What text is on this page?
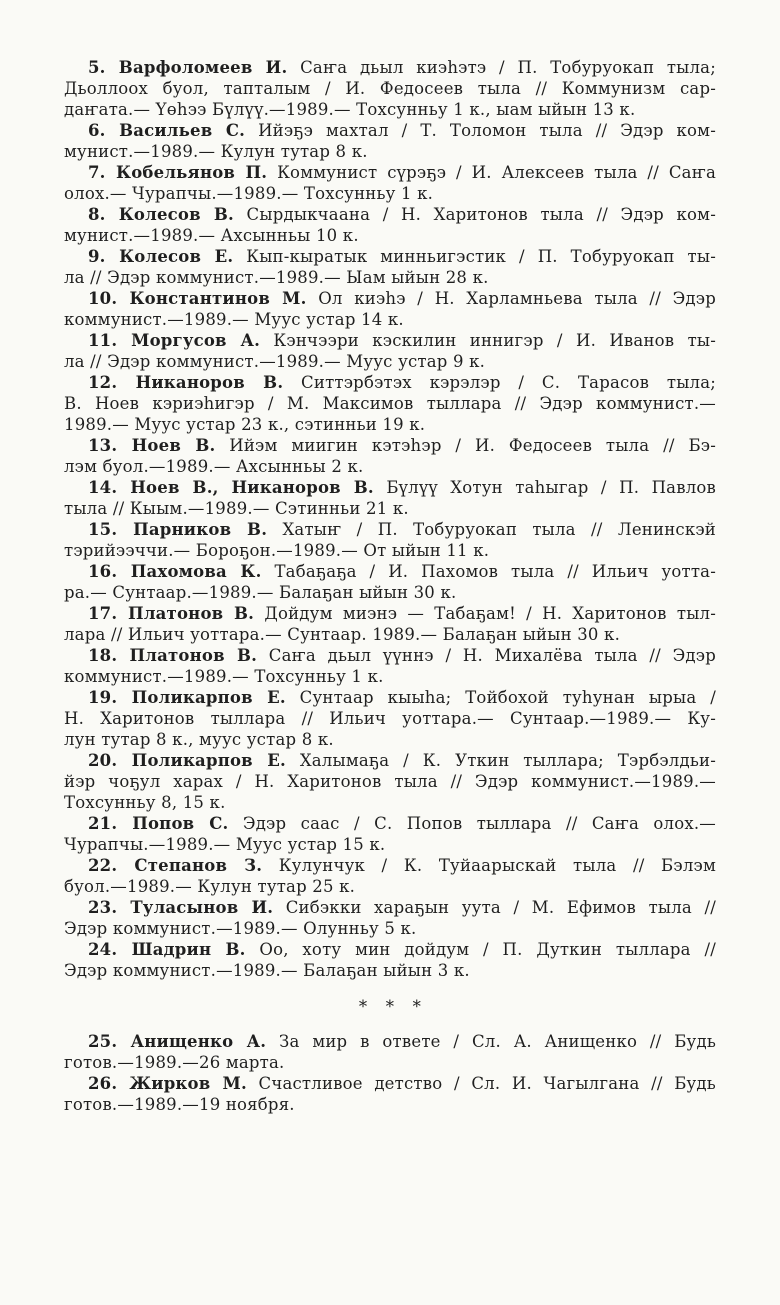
5. Варфоломеев И. Саҥа дьыл киэһэтэ / П. Тобуруокап тыла;
Дьоллоох буол, тапталым / И. Федосеев тыла // Коммунизм сар-
даҥата.— Үөһээ Бүлүү.—1989.— Тохсунньу 1 к., ыам ыйын 13 к.

6. Васильев С. Ийэҕэ махтал / Т. Толомон тыла // Эдэр ком-
мунист.—1989.— Кулун тутар 8 к.

7. Кобельянов П. Коммунист сүрэҕэ / И. Алексеев тыла // Саҥа
олох.— Чурапчы.—1989.— Тохсунньу 1 к.

8. Колесов В. Сырдыкчаана / Н. Харитонов тыла // Эдэр ком-
мунист.—1989.— Ахсынньы 10 к.

9. Колесов Е. Кып-кыратык минньигэстик / П. Тобуруокап ты-
ла // Эдэр коммунист.—1989.— Ыам ыйын 28 к.

10. Константинов М. Ол киэһэ / Н. Харламньева тыла // Эдэр
коммунист.—1989.— Муус устар 14 к.

11. Моргусов А. Кэнчээри кэскилин иннигэр / И. Иванов ты-
ла // Эдэр коммунист.—1989.— Муус устар 9 к.

12. Никаноров В. Ситтэрбэтэх кэрэлэр / С. Тарасов тыла;
В. Ноев кэриэһигэр / М. Максимов тыллара // Эдэр коммунист.—
1989.— Муус устар 23 к., сэтинньи 19 к.

13. Ноев В. Ийэм миигин кэтэһэр / И. Федосеев тыла // Бэ-
лэм буол.—1989.— Ахсынньы 2 к.

14. Ноев В., Никаноров В. Бүлүү Хотун таһыгар / П. Павлов
тыла // Кыым.—1989.— Сэтинньи 21 к.

15. Парников В. Хатыҥ / П. Тобуруокап тыла // Ленинскэй
тэрийээччи.— Бороҕон.—1989.— От ыйын 11 к.

16. Пахомова К. Табаҕаҕа / И. Пахомов тыла // Ильич уотта-
ра.— Сунтаар.—1989.— Балаҕан ыйын 30 к.

17. Платонов В. Дойдум миэнэ — Табаҕам! / Н. Харитонов тыл-
лара // Ильич уоттара.— Сунтаар. 1989.— Балаҕан ыйын 30 к.

18. Платонов В. Саҥа дьыл үүннэ / Н. Михалёва тыла // Эдэр
коммунист.—1989.— Тохсунньу 1 к.

19. Поликарпов Е. Сунтаар кыыһа; Тойбохой туһунан ырыа /
Н. Харитонов тыллара // Ильич уоттара.— Сунтаар.—1989.— Ку-
лун тутар 8 к., муус устар 8 к.

20. Поликарпов Е. Халымаҕа / К. Уткин тыллара; Тэрбэлдьи-
йэр чоҕул харах / Н. Харитонов тыла // Эдэр коммунист.—1989.—
Тохсунньу 8, 15 к.

21. Попов С. Эдэр саас / С. Попов тыллара // Саҥа олох.—
Чурапчы.—1989.— Муус устар 15 к.

22. Степанов З. Кулунчук / К. Туйаарыскай тыла // Бэлэм
буол.—1989.— Кулун тутар 25 к.

23. Туласынов И. Сибэкки хараҕын уута / М. Ефимов тыла //
Эдэр коммунист.—1989.— Олунньу 5 к.

24. Шадрин В. Оо, хоту мин дойдум / П. Дуткин тыллара //
Эдэр коммунист.—1989.— Балаҕан ыйын 3 к.

* * *

25. Анищенко А. За мир в ответе / Сл. А. Анищенко // Будь
готов.—1989.—26 марта.

26. Жирков М. Счастливое детство / Сл. И. Чагылгана // Будь
готов.—1989.—19 ноября.
